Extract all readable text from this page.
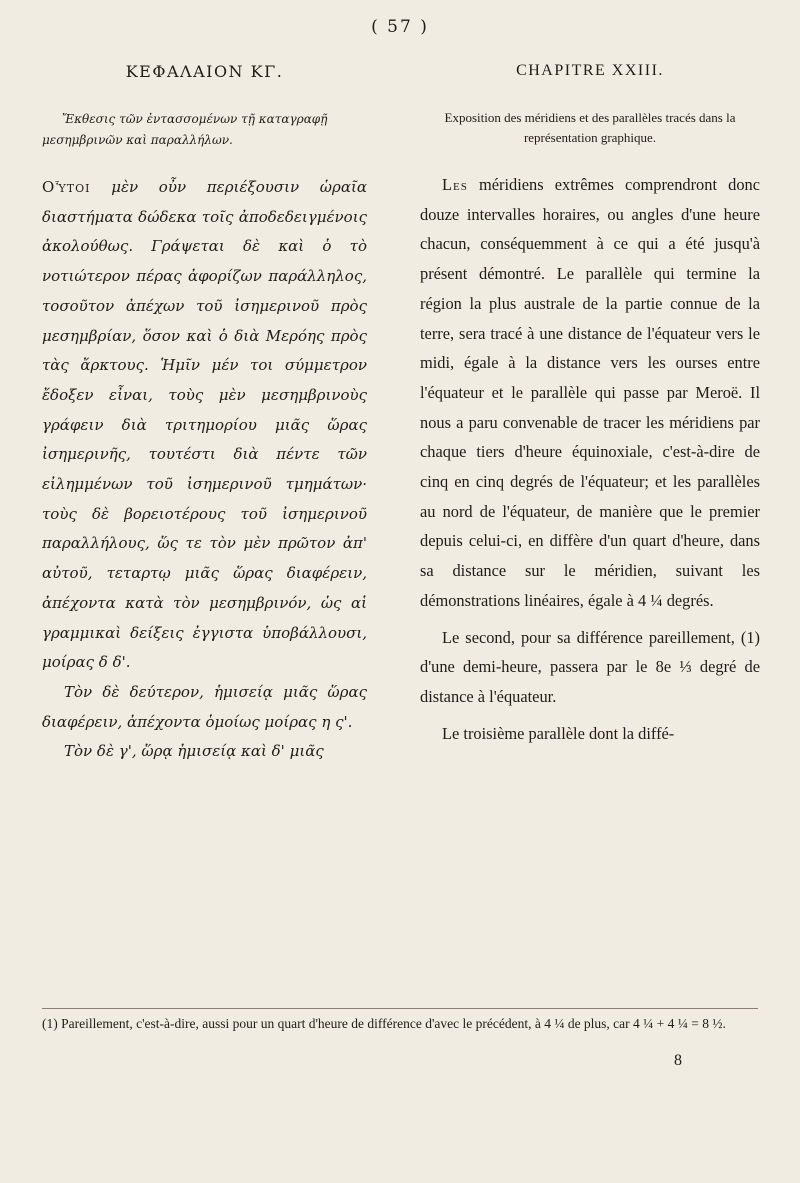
( 57 )
ΚΕΦΑΛΑΙΟΝ ΚΓ.
Ἔκθεσις τῶν ἐντασσομένων τῇ καταγραφῇ μεσημβρινῶν καὶ παραλλήλων.

Οὗτοι μὲν οὖν περιέξουσιν ὡραῖα διαστήματα δώδεκα τοῖς ἀποδεδειγμένοις ἀκολούθως. Γράψεται δὲ καὶ ὁ τὸ νοτιώτερον πέρας ἀφορίζων παράλληλος, τοσοῦτον ἀπέχων τοῦ ἰσημερινοῦ πρὸς μεσημβρίαν, ὅσον καὶ ὁ διὰ Μερόης πρὸς τὰς ἄρκτους. Ἡμῖν μέν τοι σύμμετρον ἔδοξεν εἶναι, τοὺς μὲν μεσημβρινοὺς γράφειν διὰ τριτημορίου μιᾶς ὥρας ἰσημερινῆς, τουτέστι διὰ πέντε τῶν εἰλημμένων τοῦ ἰσημερινοῦ τμημάτων· τοὺς δὲ βορειοτέρους τοῦ ἰσημερινοῦ παραλλήλους, ὥς τε τὸν μὲν πρῶτον ἀπ' αὐτοῦ, τεταρτῳ μιᾶς ὥρας διαφέρειν, ἀπέχοντα κατὰ τὸν μεσημβρινόν, ὡς αἱ γραμμικαὶ δείξεις ἐγγιστα ὑποβάλλουσι, μοίρας δ δ'.

Τὸν δὲ δεύτερον, ἡμισείᾳ μιᾶς ὥρας διαφέρειν, ἀπέχοντα ὁμοίως μοίρας η ς'.

Τὸν δὲ γ', ὥρᾳ ἡμισείᾳ καὶ δ' μιᾶς

CHAPITRE XXIII.
Exposition des méridiens et des parallèles tracés dans la représentation graphique.

Les méridiens extrêmes comprendront donc douze intervalles horaires, ou angles d'une heure chacun, conséquemment à ce qui a été jusqu'à présent démontré. Le parallèle qui termine la région la plus australe de la partie connue de la terre, sera tracé à une distance de l'équateur vers le midi, égale à la distance vers les ourses entre l'équateur et le parallèle qui passe par Meroë. Il nous a paru convenable de tracer les méridiens par chaque tiers d'heure équinoxiale, c'est-à-dire de cinq en cinq degrés de l'équateur; et les parallèles au nord de l'équateur, de manière que le premier depuis celui-ci, en diffère d'un quart d'heure, dans sa distance sur le méridien, suivant les démonstrations linéaires, égale à 4 ¼ degrés.

Le second, pour sa différence pareillement, (1) d'une demi-heure, passera par le 8e ⅓ degré de distance à l'équateur.

Le troisième parallèle dont la diffé-

(1) Pareillement, c'est-à-dire, aussi pour un quart d'heure de différence d'avec le précédent, à 4 ¼ de plus, car 4 ¼ + 4 ¼ = 8 ½.
8
